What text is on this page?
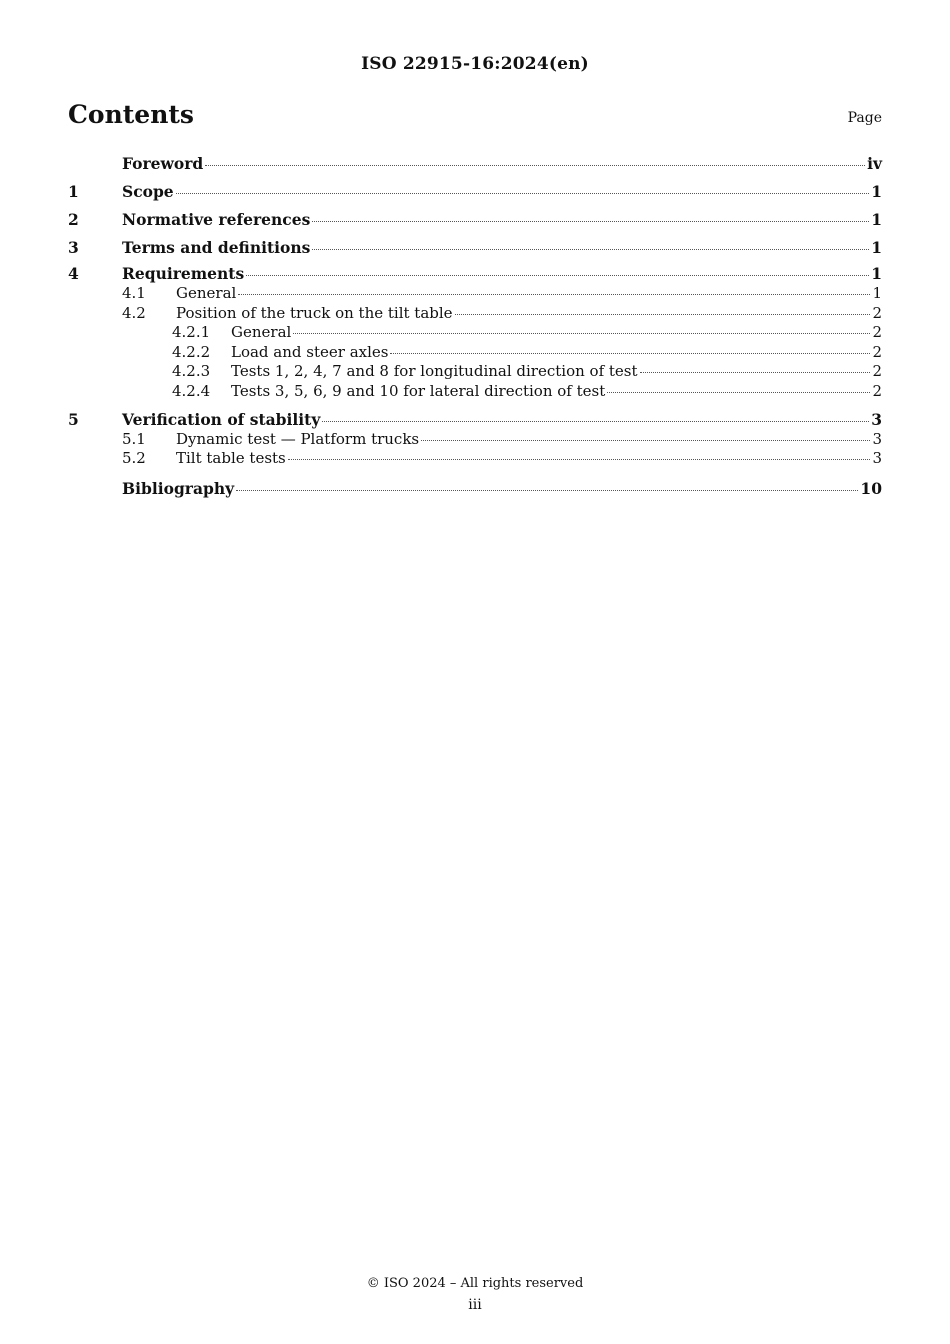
ISO 22915-16:2024(en)
Contents	Page
Foreword	iv
1	Scope	1
2	Normative references	1
3	Terms and definitions	1
4	Requirements	1
4.1	General	1
4.2	Position of the truck on the tilt table	2
4.2.1	General	2
4.2.2	Load and steer axles	2
4.2.3	Tests 1, 2, 4, 7 and 8 for longitudinal direction of test	2
4.2.4	Tests 3, 5, 6, 9 and 10 for lateral direction of test	2
5	Verification of stability	3
5.1	Dynamic test — Platform trucks	3
5.2	Tilt table tests	3
Bibliography	10
© ISO 2024 – All rights reserved
iii
